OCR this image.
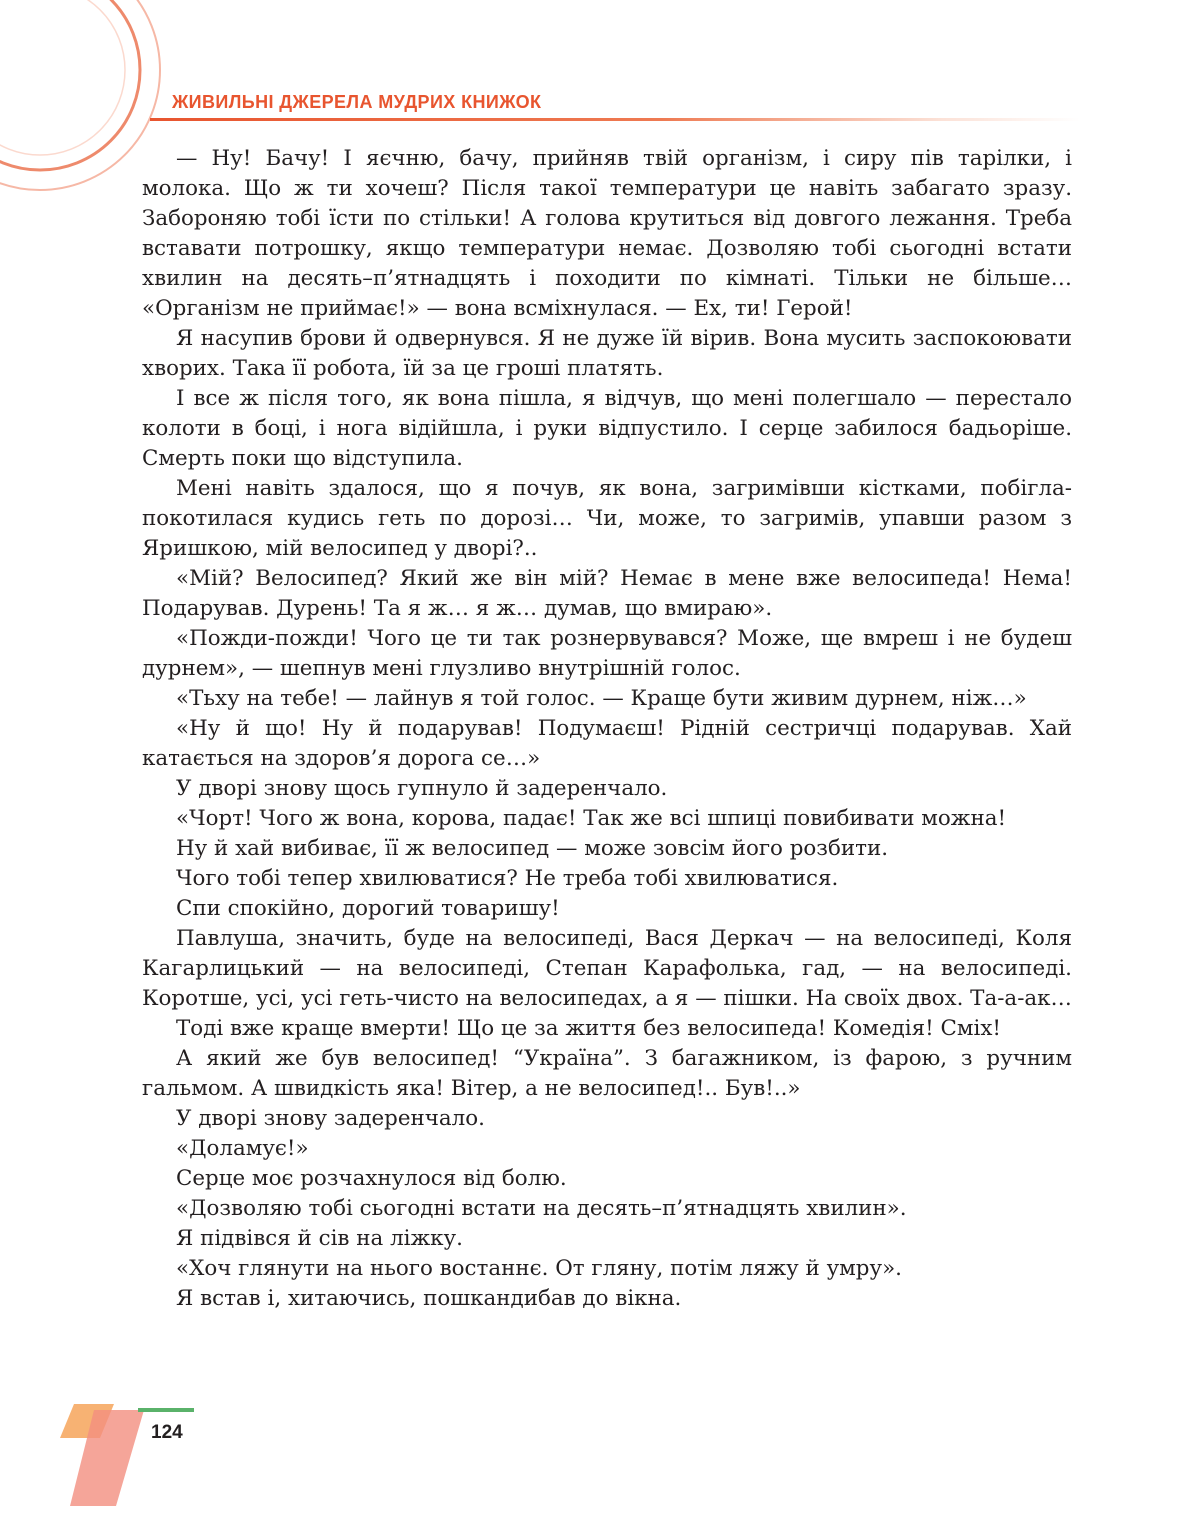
ЖИВИЛЬНІ ДЖЕРЕЛА МУДРИХ КНИЖОК

— Ну! Бачу! І яєчню, бачу, прийняв твій організм, і сиру пів тарілки, і молока. Що ж ти хочеш? Після такої температури це навіть забагато зразу. Забороняю тобі їсти по стільки! А голова крутиться від довгого лежання. Треба вставати потрошку, якщо температури немає. Дозволяю тобі сьогодні встати хвилин на десять–п’ятнадцять і походити по кімнаті. Тільки не більше… «Організм не приймає!» — вона всміхнулася. — Ех, ти! Герой!

Я насупив брови й одвернувся. Я не дуже їй вірив. Вона мусить заспокоювати хворих. Така її робота, їй за це гроші платять.

І все ж після того, як вона пішла, я відчув, що мені полегшало — перестало колоти в боці, і нога відійшла, і руки відпустило. І серце забилося бадьоріше. Смерть поки що відступила.

Мені навіть здалося, що я почув, як вона, загримівши кістками, побігла-покотилася кудись геть по дорозі… Чи, може, то загримів, упавши разом з Яришкою, мій велосипед у дворі?..

«Мій? Велосипед? Який же він мій? Немає в мене вже велосипеда! Нема! Подарував. Дурень! Та я ж… я ж… думав, що вмираю».

«Пожди-пожди! Чого це ти так рознервувався? Може, ще вмреш і не будеш дурнем», — шепнув мені глузливо внутрішній голос.

«Тьху на тебе! — лайнув я той голос. — Краще бути живим дурнем, ніж…»

«Ну й що! Ну й подарував! Подумаєш! Рідній сестричці подарував. Хай катається на здоров’я дорога се…»

У дворі знову щось гупнуло й задеренчало.

«Чорт! Чого ж вона, корова, падає! Так же всі шпиці повибивати можна!

Ну й хай вибиває, її ж велосипед — може зовсім його розбити.

Чого тобі тепер хвилюватися? Не треба тобі хвилюватися.

Спи спокійно, дорогий товаришу!

Павлуша, значить, буде на велосипеді, Вася Деркач — на велосипеді, Коля Кагарлицький — на велосипеді, Степан Карафолька, гад, — на велосипеді. Коротше, усі, усі геть-чисто на велосипедах, а я — пішки. На своїх двох. Та-а-ак…

Тоді вже краще вмерти! Що це за життя без велосипеда! Комедія! Сміх!

А який же був велосипед! “Україна”. З багажником, із фарою, з ручним гальмом. А швидкість яка! Вітер, а не велосипед!.. Був!..»

У дворі знову задеренчало.

«Доламує!»

Серце моє розчахнулося від болю.

«Дозволяю тобі сьогодні встати на десять–п’ятнадцять хвилин».

Я підвівся й сів на ліжку.

«Хоч глянути на нього востаннє. От гляну, потім ляжу й умру».

Я встав і, хитаючись, пошкандибав до вікна.

124
